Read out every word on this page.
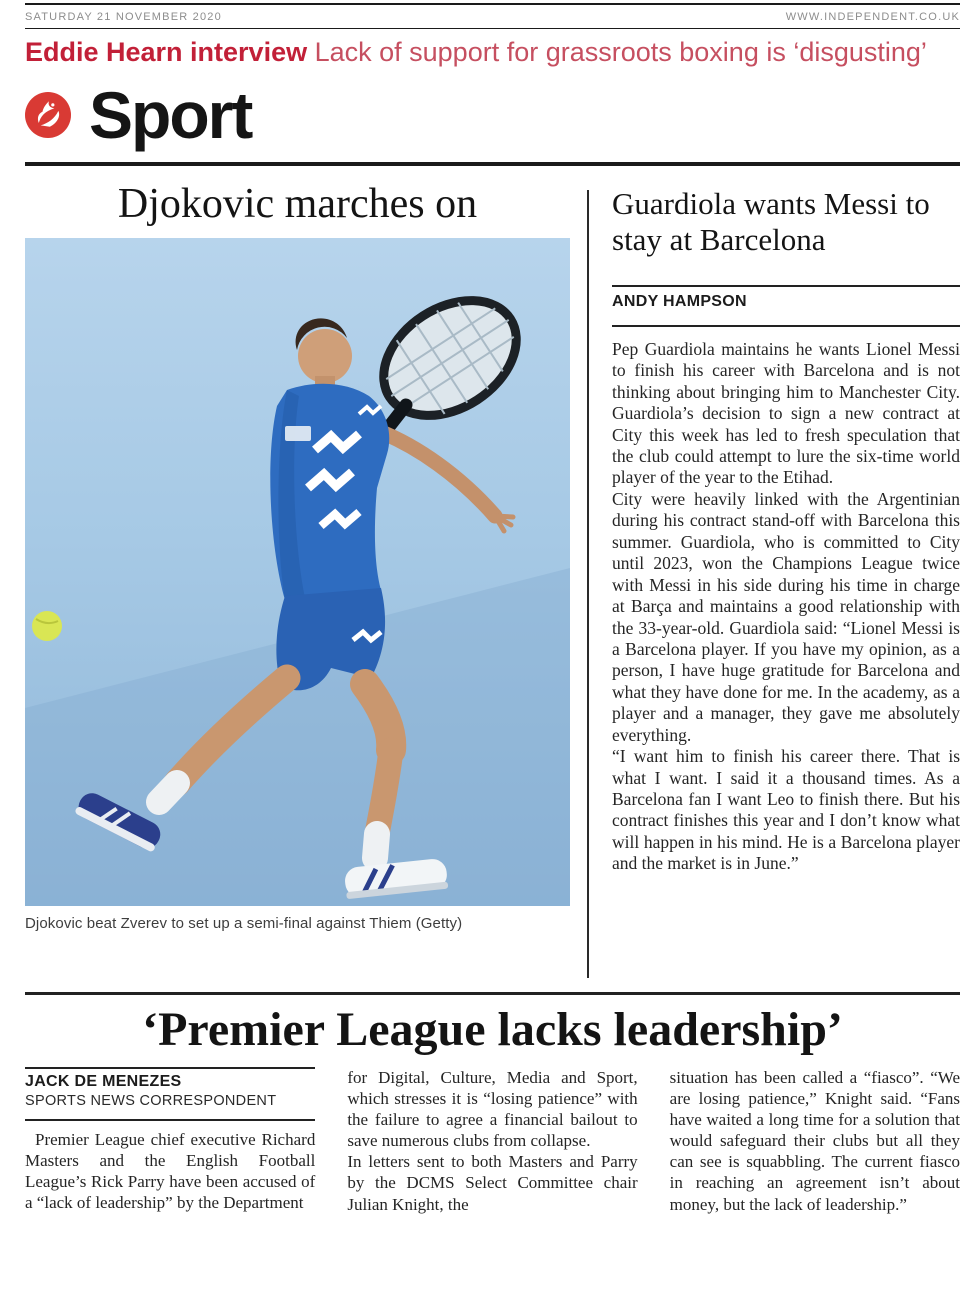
SATURDAY 21 NOVEMBER 2020	WWW.INDEPENDENT.CO.UK
Eddie Hearn interview Lack of support for grassroots boxing is ‘disgusting’
Sport
Djokovic marches on
Djokovic beat Zverev to set up a semi-final against Thiem (Getty)
Guardiola wants Messi to stay at Barcelona
ANDY HAMPSON

Pep Guardiola maintains he wants Lionel Messi to finish his career with Barcelona and is not thinking about bringing him to Manchester City. Guardiola’s decision to sign a new contract at City this week has led to fresh speculation that the club could attempt to lure the six-time world player of the year to the Etihad.

City were heavily linked with the Argentinian during his contract stand-off with Barcelona this summer. Guardiola, who is committed to City until 2023, won the Champions League twice with Messi in his side during his time in charge at Barça and maintains a good relationship with the 33-year-old. Guardiola said: “Lionel Messi is a Barcelona player. If you have my opinion, as a person, I have huge gratitude for Barcelona and what they have done for me. In the academy, as a player and a manager, they gave me absolutely everything.

“I want him to finish his career there. That is what I want. I said it a thousand times. As a Barcelona fan I want Leo to finish there. But his contract finishes this year and I don’t know what will happen in his mind. He is a Barcelona player and the market is in June.”

‘Premier League lacks leadership’
JACK DE MENEZES
SPORTS NEWS CORRESPONDENT

Premier League chief executive Richard Masters and the English Football League’s Rick Parry have been accused of a “lack of leadership” by the Department

for Digital, Culture, Media and Sport, which stresses it is “losing patience” with the failure to agree a financial bailout to save numerous clubs from collapse.

In letters sent to both Masters and Parry by the DCMS Select Committee chair Julian Knight, the

situation has been called a “fiasco”. “We are losing patience,” Knight said. “Fans have waited a long time for a solution that would safeguard their clubs but all they can see is squabbling. The current fiasco in reaching an agreement isn’t about money, but the lack of leadership.”
